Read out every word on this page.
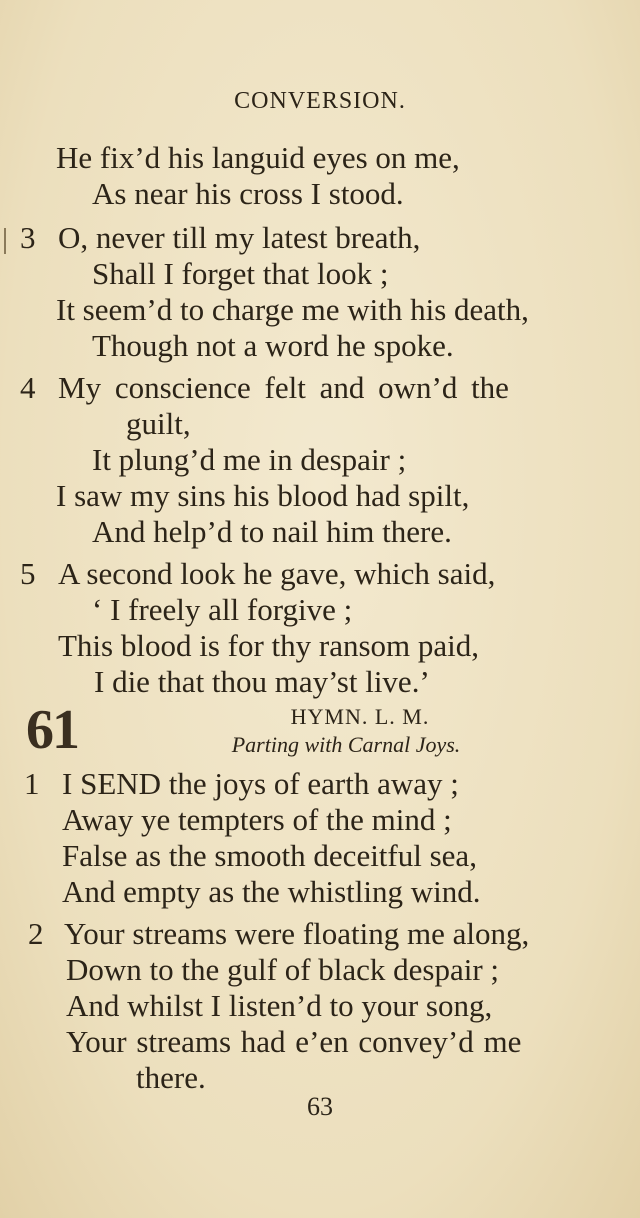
CONVERSION.
He fix’d his languid eyes on me,
As near his cross I stood.
3 O, never till my latest breath,
Shall I forget that look ;
It seem’d to charge me with his death,
Though not a word he spoke.
4 My conscience felt and own’d the
guilt,
It plung’d me in despair ;
I saw my sins his blood had spilt,
And help’d to nail him there.
5 A second look he gave, which said,
‘ I freely all forgive ;
This blood is for thy ransom paid,
I die that thou may’st live.’
61	HYMN. L. M.
Parting with Carnal Joys.
1 I SEND the joys of earth away ;
Away ye tempters of the mind ;
False as the smooth deceitful sea,
And empty as the whistling wind.
2 Your streams were floating me along,
Down to the gulf of black despair ;
And whilst I listen’d to your song,
Your streams had e’en convey’d me
there.
63
